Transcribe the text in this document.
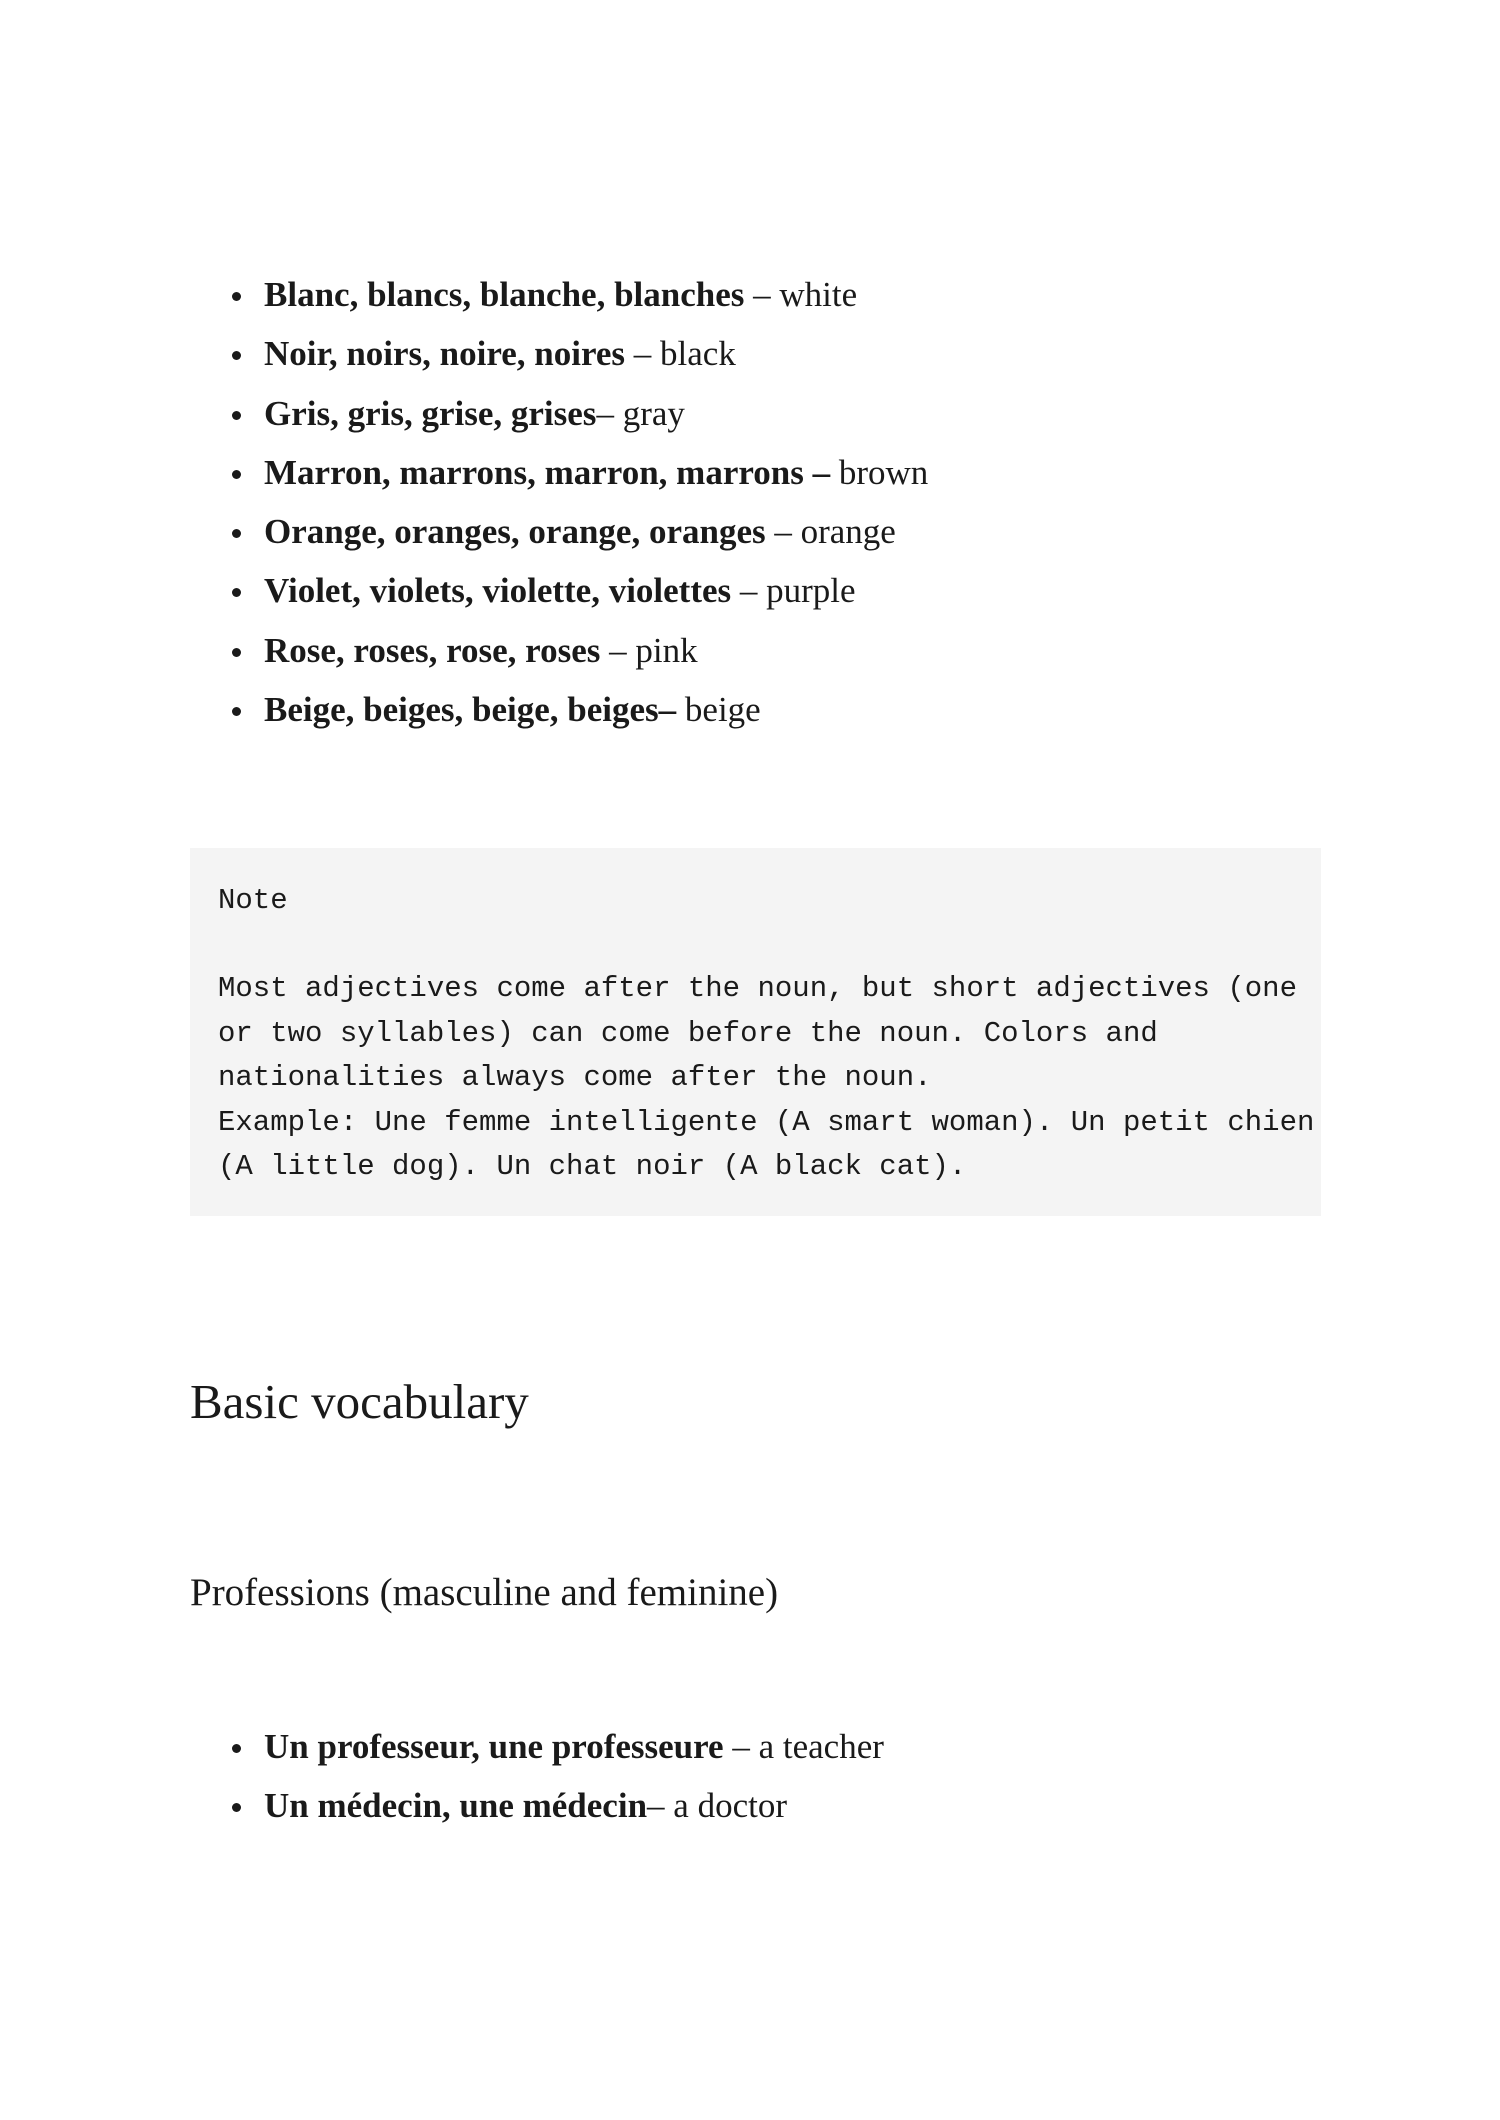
Blanc, blancs, blanche, blanches – white
Noir, noirs, noire, noires – black
Gris, gris, grise, grises– gray
Marron, marrons, marron, marrons – brown
Orange, oranges, orange, oranges – orange
Violet, violets, violette, violettes – purple
Rose, roses, rose, roses – pink
Beige, beiges, beige, beiges– beige
Note
Most adjectives come after the noun, but short adjectives (one
or two syllables) can come before the noun. Colors and
nationalities always come after the noun.
Example: Une femme intelligente (A smart woman). Un petit chien
(A little dog). Un chat noir (A black cat).
Basic vocabulary
Professions (masculine and feminine)
Un professeur, une professeure – a teacher
Un médecin, une médecin– a doctor
